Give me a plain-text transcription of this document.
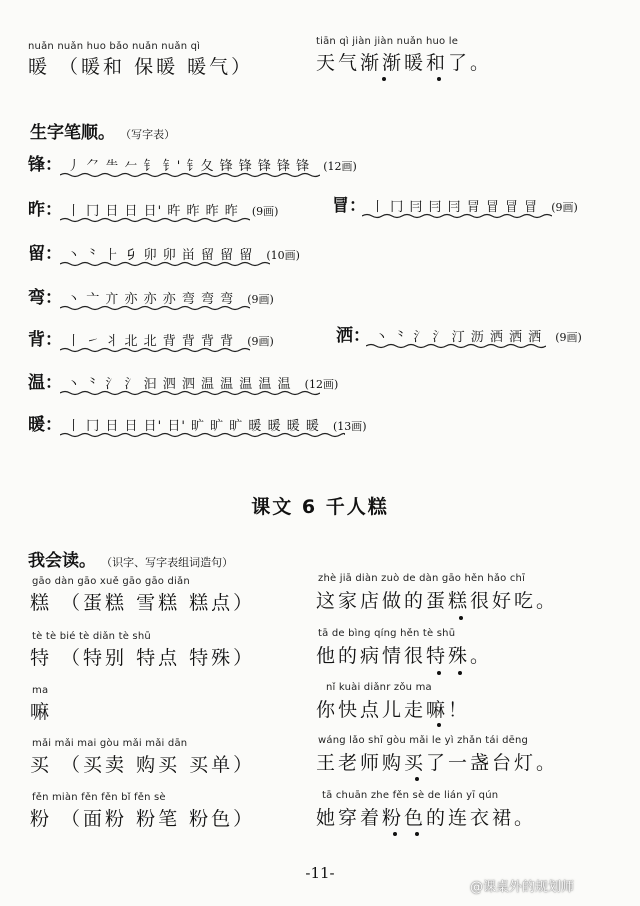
nuǎn nuǎn huo bǎo nuǎn nuǎn qì
暖 （暖和 保暖 暖气）
tiān qì jiàn jiàn nuǎn huo le
天气渐渐暖和了。
生字笔顺。 （写字表）
锋： 丿 ⺈ ⺧ 𠂉 钅 钅' 钅夂 锋 锋 锋 锋 锋 (12画)
昨： 丨 冂 日 日 日' 旿 昨 昨 昨 (9画)	冒： 丨 冂 冃 冃 冃 冐 冒 冒 冒 (9画)
留： 丶 ⺀ ⺊ 𠂎 卯 卯 畄 留 留 留 (10画)
弯： 丶 亠 亣 亦 亦 亦 弯 弯 弯 (9画)
背： 丨 ㇀ 丬 北 北 背 背 背 背 (9画)	洒： 丶 ⺀ 氵 氵 汀 沥 洒 洒 洒 (9画)
温： 丶 ⺀ 氵 氵 汩 泗 泗 温 温 温 温 温 (12画)
暖： 丨 冂 日 日 日' 日' 旷 旷 旷 暖 暖 暖 暖 (13画)
课文 6 千人糕
我会读。 （识字、写字表组词造句）
gāo dàn gāo xuě gāo gāo diǎn
糕 （蛋糕 雪糕 糕点）
zhè jiā diàn zuò de dàn gāo hěn hǎo chī
这家店做的蛋糕很好吃。
tè tè bié tè diǎn tè shū
特 （特别 特点 特殊）
tā de bìng qíng hěn tè shū
他的病情很特殊。
ma
嘛
nǐ kuài diǎnr zǒu ma
你快点儿走嘛！
mǎi mǎi mai gòu mǎi mǎi dān
买 （买卖 购买 买单）
wáng lǎo shī gòu mǎi le yì zhǎn tái dēng
王老师购买了一盏台灯。
fěn miàn fěn fěn bǐ fěn sè
粉 （面粉 粉笔 粉色）
tā chuān zhe fěn sè de lián yī qún
她穿着粉色的连衣裙。
-11-
@课桌外的规划师
